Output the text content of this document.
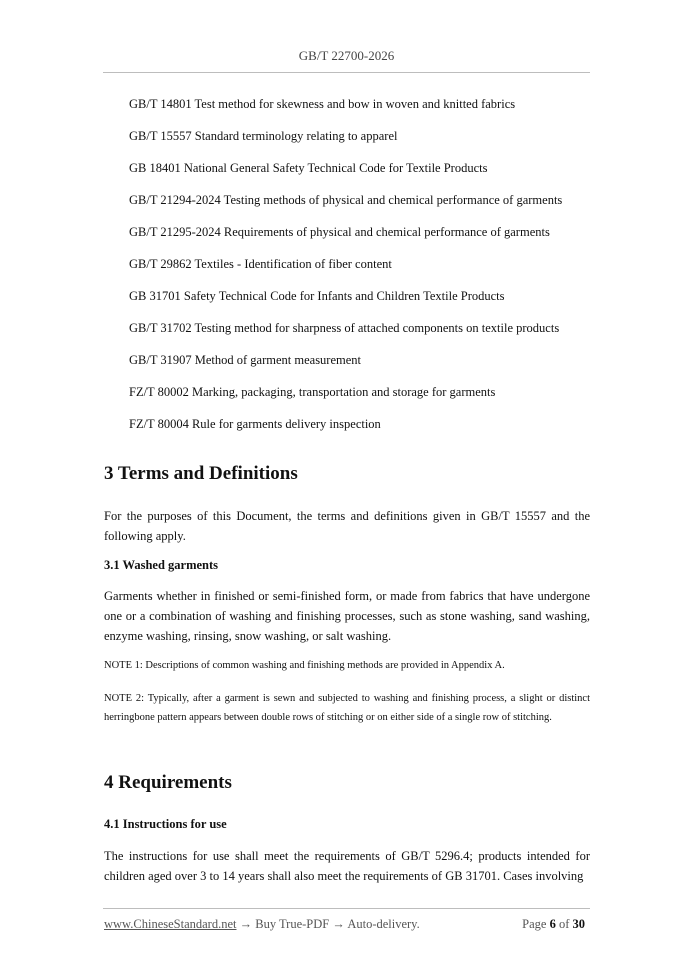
GB/T 22700-2026
GB/T 14801 Test method for skewness and bow in woven and knitted fabrics
GB/T 15557 Standard terminology relating to apparel
GB 18401 National General Safety Technical Code for Textile Products
GB/T 21294-2024 Testing methods of physical and chemical performance of garments
GB/T 21295-2024 Requirements of physical and chemical performance of garments
GB/T 29862 Textiles - Identification of fiber content
GB 31701 Safety Technical Code for Infants and Children Textile Products
GB/T 31702 Testing method for sharpness of attached components on textile products
GB/T 31907 Method of garment measurement
FZ/T 80002 Marking, packaging, transportation and storage for garments
FZ/T 80004 Rule for garments delivery inspection
3 Terms and Definitions

For the purposes of this Document, the terms and definitions given in GB/T 15557 and the following apply.

3.1 Washed garments

Garments whether in finished or semi-finished form, or made from fabrics that have undergone one or a combination of washing and finishing processes, such as stone washing, sand washing, enzyme washing, rinsing, snow washing, or salt washing.

NOTE 1: Descriptions of common washing and finishing methods are provided in Appendix A.

NOTE 2: Typically, after a garment is sewn and subjected to washing and finishing process, a slight or distinct herringbone pattern appears between double rows of stitching or on either side of a single row of stitching.

4 Requirements
4.1 Instructions for use

The instructions for use shall meet the requirements of GB/T 5296.4; products intended for children aged over 3 to 14 years shall also meet the requirements of GB 31701. Cases involving

www.ChineseStandard.net → Buy True-PDF → Auto-delivery.	Page 6 of 30
